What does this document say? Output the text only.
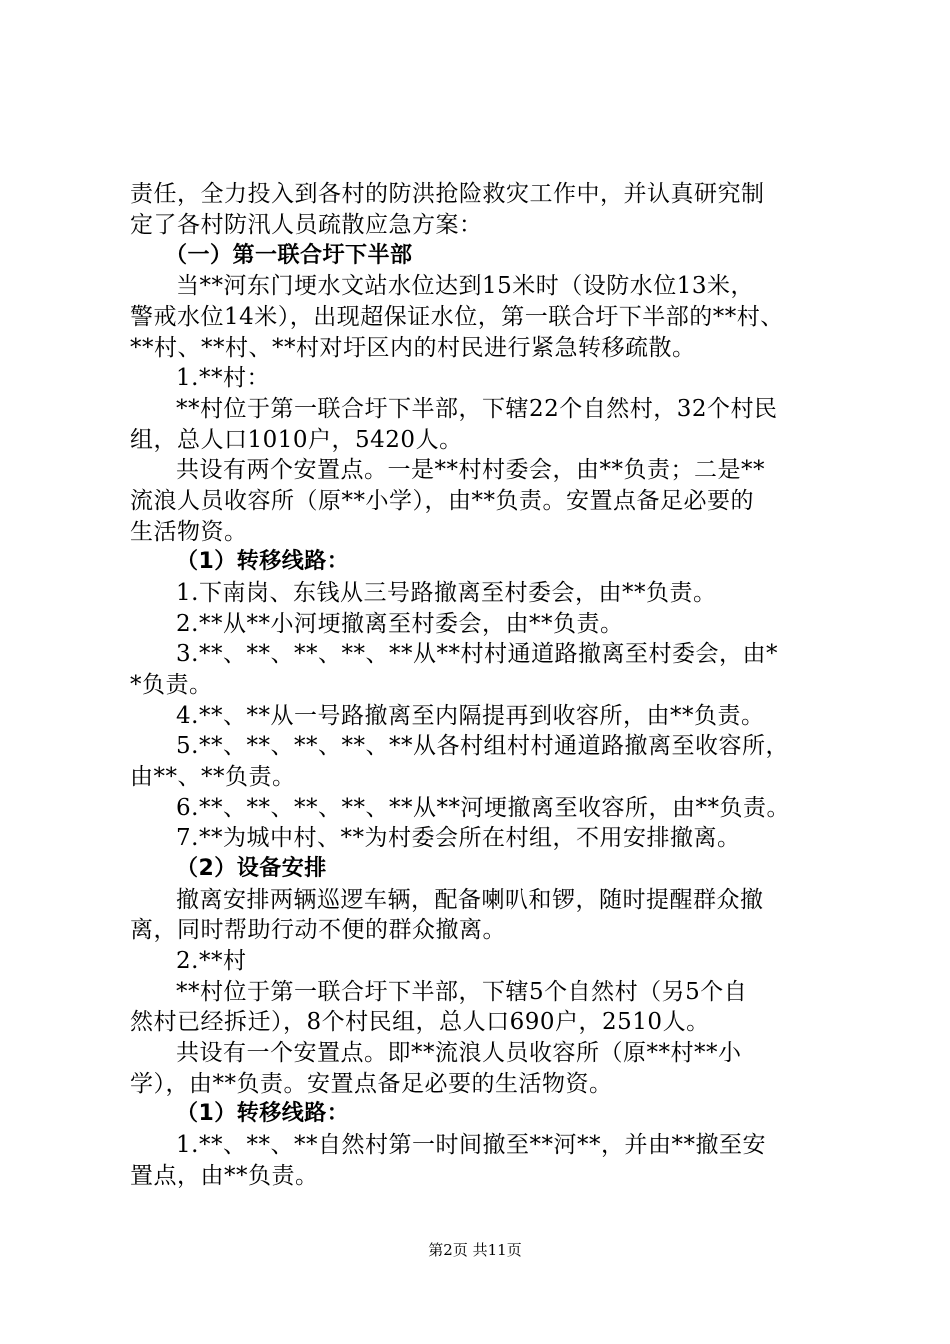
责任，全力投入到各村的防洪抢险救灾工作中，并认真研究制
定了各村防汛人员疏散应急方案：
（一）第一联合圩下半部
当**河东门埂水文站水位达到15米时（设防水位13米，
警戒水位14米），出现超保证水位，第一联合圩下半部的**村、
**村、**村、**村对圩区内的村民进行紧急转移疏散。
1.**村：
**村位于第一联合圩下半部，下辖22个自然村，32个村民
组，总人口1010户，5420人。
共设有两个安置点。一是**村村委会，由**负责；二是**
流浪人员收容所（原**小学），由**负责。安置点备足必要的
生活物资。
（1）转移线路：
1.下南岗、东钱从三号路撤离至村委会，由**负责。
2.**从**小河埂撤离至村委会，由**负责。
3.**、**、**、**、**从**村村通道路撤离至村委会，由*
*负责。
4.**、**从一号路撤离至内隔提再到收容所，由**负责。
5.**、**、**、**、**从各村组村村通道路撤离至收容所，
由**、**负责。
6.**、**、**、**、**从**河埂撤离至收容所，由**负责。
7.**为城中村、**为村委会所在村组，不用安排撤离。
（2）设备安排
撤离安排两辆巡逻车辆，配备喇叭和锣，随时提醒群众撤
离，同时帮助行动不便的群众撤离。
2.**村
**村位于第一联合圩下半部，下辖5个自然村（另5个自
然村已经拆迁），8个村民组，总人口690户，2510人。
共设有一个安置点。即**流浪人员收容所（原**村**小
学），由**负责。安置点备足必要的生活物资。
（1）转移线路：
1.**、**、**自然村第一时间撤至**河**，并由**撤至安
置点，由**负责。
第2页 共11页
